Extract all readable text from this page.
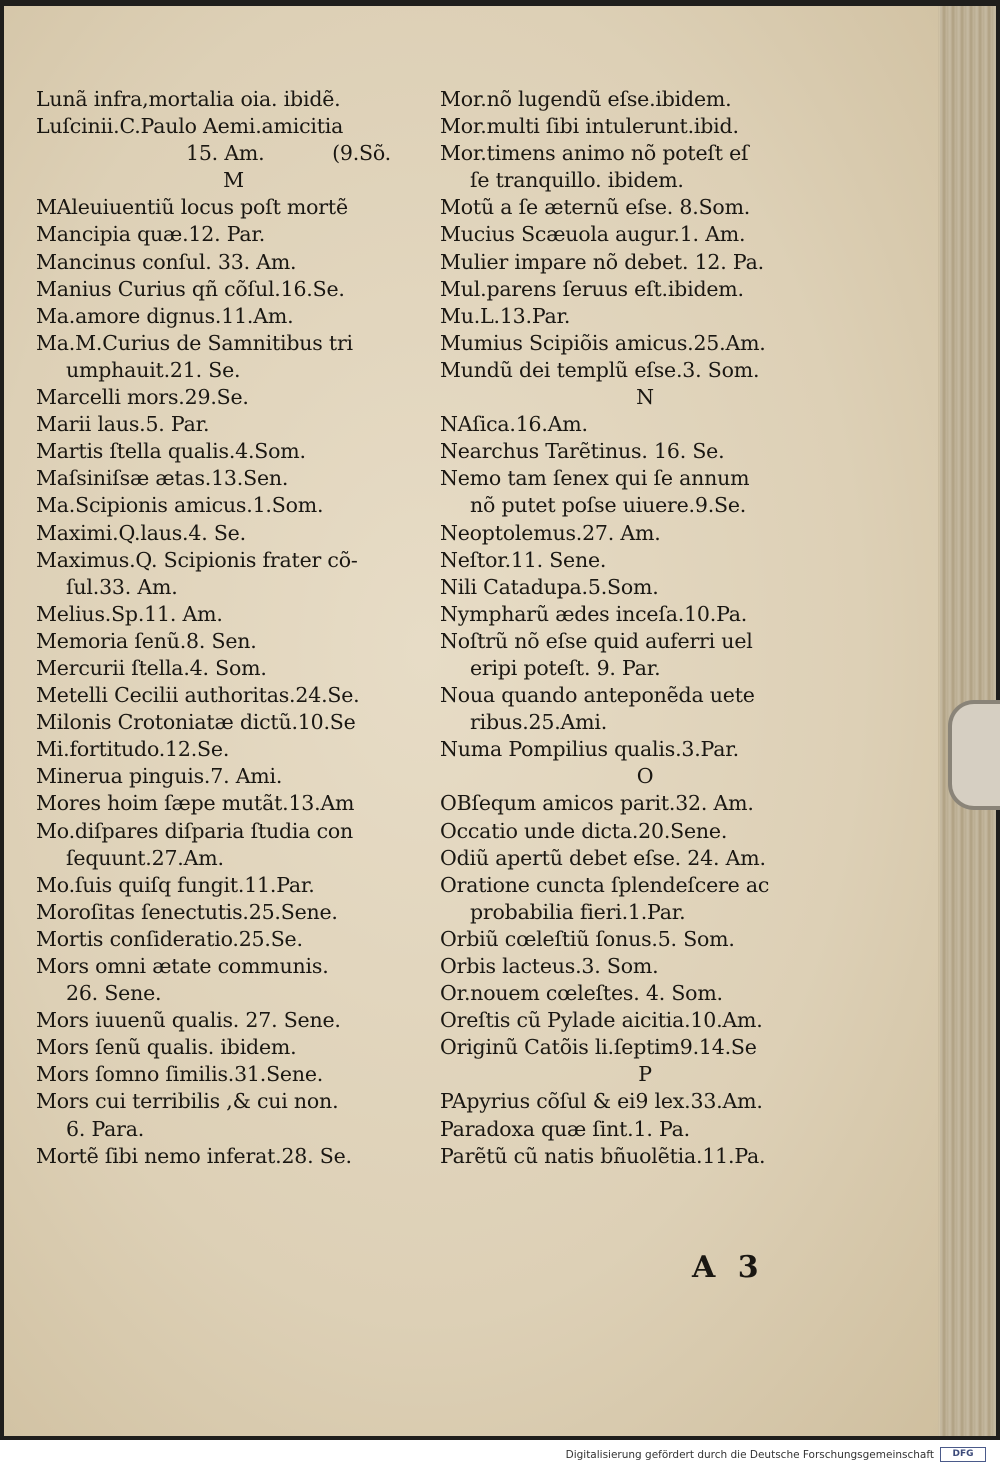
Lunã infra,mortalia oia. ibidẽ.
Luſcinii.C.Paulo Aemi.amicitia
15. Am.	(9.Sõ.
M
MAleuiuentiũ locus poſt mortẽ
Mancipia quæ.12. Par.
Mancinus conſul. 33. Am.
Manius Curius qñ cõſul.16.Se.
Ma.amore dignus.11.Am.
Ma.M.Curius de Samnitibus tri
umphauit.21. Se.
Marcelli mors.29.Se.
Marii laus.5. Par.
Martis ſtella qualis.4.Som.
Maſsiniſsæ ætas.13.Sen.
Ma.Scipionis amicus.1.Som.
Maximi.Q.laus.4. Se.
Maximus.Q. Scipionis frater cõ-
ſul.33. Am.
Melius.Sp.11. Am.
Memoria ſenũ.8. Sen.
Mercurii ſtella.4. Som.
Metelli Cecilii authoritas.24.Se.
Milonis Crotoniatæ dictũ.10.Se
Mi.fortitudo.12.Se.
Minerua pinguis.7. Ami.
Mores hoim ſæpe mutãt.13.Am
Mo.diſpares diſparia ſtudia con
ſequunt.27.Am.
Mo.ſuis quiſq fungit.11.Par.
Moroſitas ſenectutis.25.Sene.
Mortis conſideratio.25.Se.
Mors omni ætate communis.
26. Sene.
Mors iuuenũ qualis. 27. Sene.
Mors ſenũ qualis. ibidem.
Mors ſomno ſimilis.31.Sene.
Mors cui terribilis ,& cui non.
6. Para.
Mortẽ ſibi nemo inferat.28. Se.
Mor.nõ lugendũ eſse.ibidem.
Mor.multi ſibi intulerunt.ibid.
Mor.timens animo nõ poteſt eſ
ſe tranquillo. ibidem.
Motũ a ſe æternũ eſse. 8.Som.
Mucius Scæuola augur.1. Am.
Mulier impare nõ debet. 12. Pa.
Mul.parens ſeruus eſt.ibidem.
Mu.L.13.Par.
Mumius Scipiõis amicus.25.Am.
Mundũ dei templũ eſse.3. Som.
N
NAſica.16.Am.
Nearchus Tarẽtinus. 16. Se.
Nemo tam ſenex qui ſe annum
nõ putet poſse uiuere.9.Se.
Neoptolemus.27. Am.
Neſtor.11. Sene.
Nili Catadupa.5.Som.
Nympharũ ædes inceſa.10.Pa.
Noſtrũ nõ eſse quid auferri uel
eripi poteſt. 9. Par.
Noua quando anteponẽda uete
ribus.25.Ami.
Numa Pompilius qualis.3.Par.
O
OBſequm amicos parit.32. Am.
Occatio unde dicta.20.Sene.
Odiũ apertũ debet eſse. 24. Am.
Oratione cuncta ſplendeſcere ac
probabilia fieri.1.Par.
Orbiũ cœleſtiũ ſonus.5. Som.
Orbis lacteus.3. Som.
Or.nouem cœleſtes. 4. Som.
Oreſtis cũ Pylade aicitia.10.Am.
Originũ Catõis li.ſeptim9.14.Se
P
PApyrius cõſul & ei9 lex.33.Am.
Paradoxa quæ ſint.1. Pa.
Parẽtũ cũ natis bñuolẽtia.11.Pa.
A 3
Digitalisierung gefördert durch die Deutsche Forschungsgemeinschaft	DFG
